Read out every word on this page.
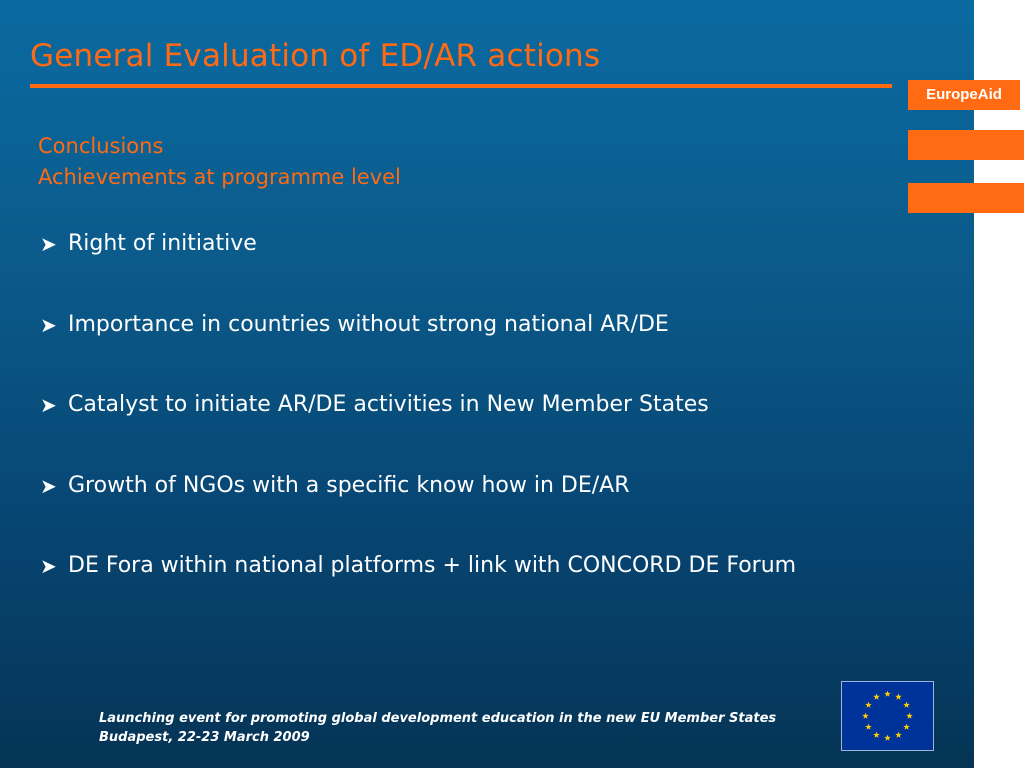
General Evaluation of ED/AR actions
EuropeAid
Conclusions
Achievements at programme level
➤ Right of initiative
➤ Importance in countries without strong national AR/DE
➤ Catalyst to initiate AR/DE activities in New Member States
➤ Growth of NGOs with a specific know how in DE/AR
➤ DE Fora within national platforms + link with CONCORD DE Forum
Launching event for promoting global development education in the new EU Member States
Budapest, 22-23 March 2009
